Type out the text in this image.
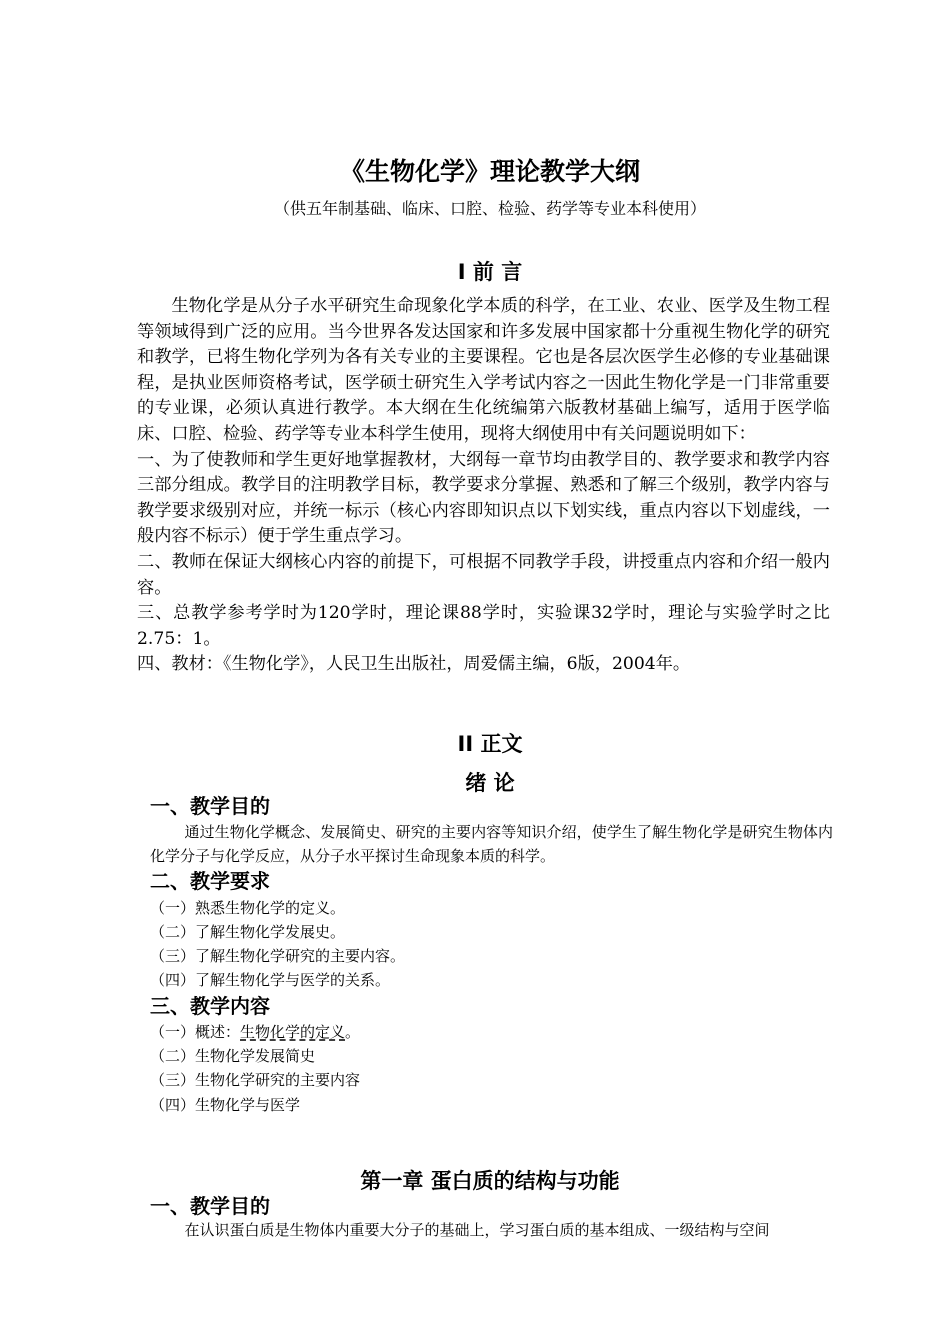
《生物化学》理论教学大纲
（供五年制基础、临床、口腔、检验、药学等专业本科使用）
I 前 言

生物化学是从分子水平研究生命现象化学本质的科学，在工业、农业、医学及生物工程等领域得到广泛的应用。当今世界各发达国家和许多发展中国家都十分重视生物化学的研究和教学，已将生物化学列为各有关专业的主要课程。它也是各层次医学生必修的专业基础课程，是执业医师资格考试，医学硕士研究生入学考试内容之一因此生物化学是一门非常重要的专业课，必须认真进行教学。本大纲在生化统编第六版教材基础上编写，适用于医学临床、口腔、检验、药学等专业本科学生使用，现将大纲使用中有关问题说明如下：

一、为了使教师和学生更好地掌握教材，大纲每一章节均由教学目的、教学要求和教学内容三部分组成。教学目的注明教学目标，教学要求分掌握、熟悉和了解三个级别，教学内容与教学要求级别对应，并统一标示（核心内容即知识点以下划实线，重点内容以下划虚线，一般内容不标示）便于学生重点学习。

二、教师在保证大纲核心内容的前提下，可根据不同教学手段，讲授重点内容和介绍一般内容。

三、总教学参考学时为120学时，理论课88学时，实验课32学时，理论与实验学时之比2.75：1。

四、教材：《生物化学》，人民卫生出版社，周爱儒主编，6版，2004年。

II 正文
绪 论
一、教学目的

通过生物化学概念、发展简史、研究的主要内容等知识介绍，使学生了解生物化学是研究生物体内化学分子与化学反应，从分子水平探讨生命现象本质的科学。

二、教学要求
（一）熟悉生物化学的定义。
（二）了解生物化学发展史。
（三）了解生物化学研究的主要内容。
（四）了解生物化学与医学的关系。
三、教学内容
（一）概述：生物化学的定义。
（二）生物化学发展简史
（三）生物化学研究的主要内容
（四）生物化学与医学
第一章 蛋白质的结构与功能
一、教学目的

在认识蛋白质是生物体内重要大分子的基础上，学习蛋白质的基本组成、一级结构与空间
